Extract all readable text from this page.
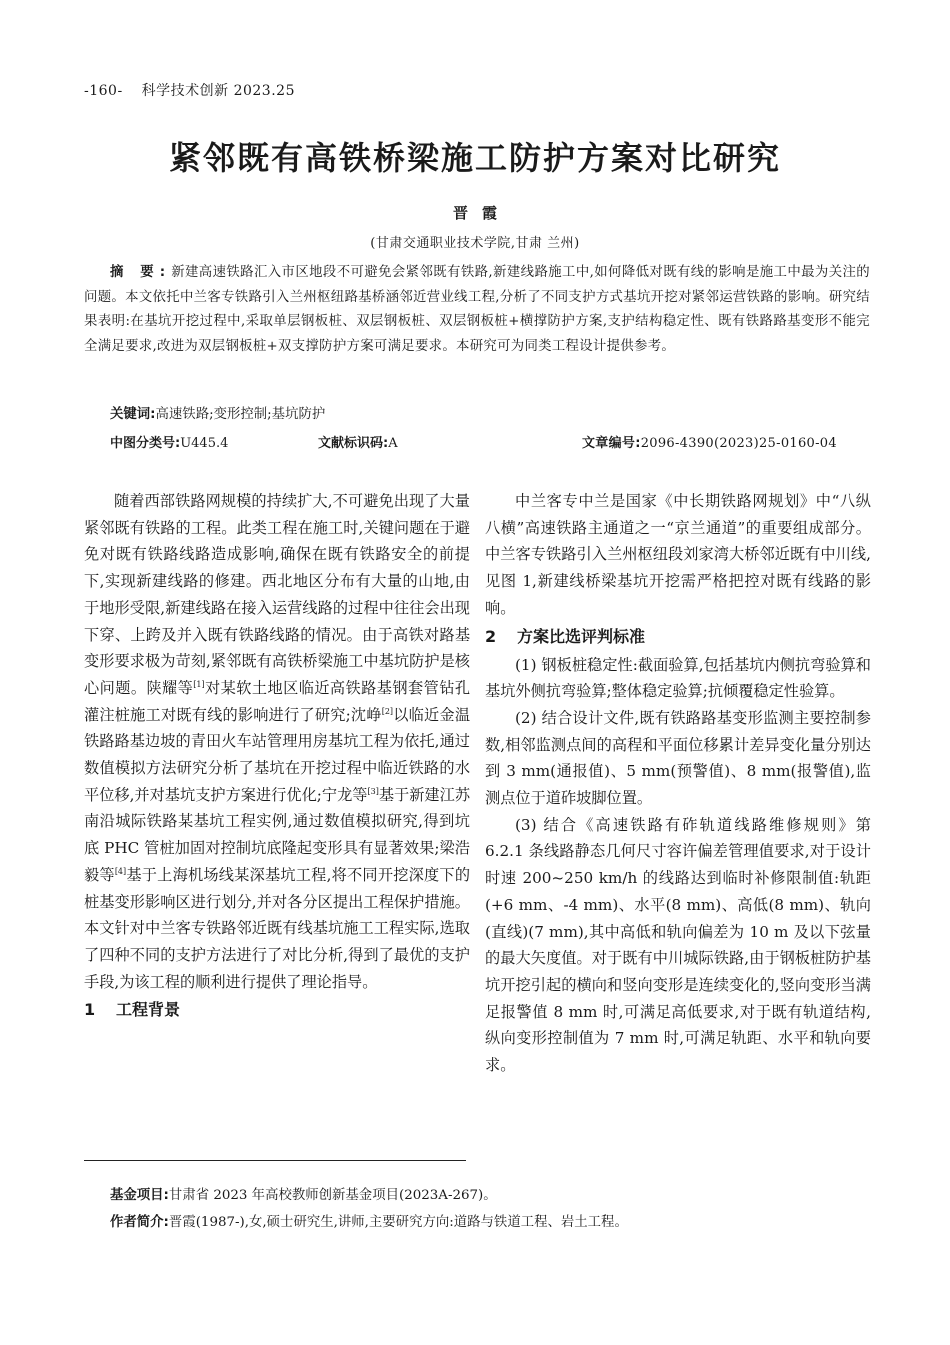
-160- 科学技术创新 2023.25
紧邻既有高铁桥梁施工防护方案对比研究
晋霞
(甘肃交通职业技术学院,甘肃 兰州)
摘 要:新建高速铁路汇入市区地段不可避免会紧邻既有铁路,新建线路施工中,如何降低对既有线的影响是施工中最为关注的问题。本文依托中兰客专铁路引入兰州枢纽路基桥涵邻近营业线工程,分析了不同支护方式基坑开挖对紧邻运营铁路的影响。研究结果表明:在基坑开挖过程中,采取单层钢板桩、双层钢板桩、双层钢板桩+横撑防护方案,支护结构稳定性、既有铁路路基变形不能完全满足要求,改进为双层钢板桩+双支撑防护方案可满足要求。本研究可为同类工程设计提供参考。
关键词:高速铁路;变形控制;基坑防护
中图分类号:U445.4	文献标识码:A	文章编号:2096-4390(2023)25-0160-04

随着西部铁路网规模的持续扩大,不可避免出现了大量紧邻既有铁路的工程。此类工程在施工时,关键问题在于避免对既有铁路线路造成影响,确保在既有铁路安全的前提下,实现新建线路的修建。西北地区分布有大量的山地,由于地形受限,新建线路在接入运营线路的过程中往往会出现下穿、上跨及并入既有铁路线路的情况。由于高铁对路基变形要求极为苛刻,紧邻既有高铁桥梁施工中基坑防护是核心问题。陕耀等[1]对某软土地区临近高铁路基钢套管钻孔灌注桩施工对既有线的影响进行了研究;沈峥[2]以临近金温铁路路基边坡的青田火车站管理用房基坑工程为依托,通过数值模拟方法研究分析了基坑在开挖过程中临近铁路的水平位移,并对基坑支护方案进行优化;宁龙等[3]基于新建江苏南沿城际铁路某基坑工程实例,通过数值模拟研究,得到坑底 PHC 管桩加固对控制坑底隆起变形具有显著效果;梁浩毅等[4]基于上海机场线某深基坑工程,将不同开挖深度下的桩基变形影响区进行划分,并对各分区提出工程保护措施。本文针对中兰客专铁路邻近既有线基坑施工工程实际,选取了四种不同的支护方法进行了对比分析,得到了最优的支护手段,为该工程的顺利进行提供了理论指导。

1 工程背景

中兰客专中兰是国家《中长期铁路网规划》中“八纵八横”高速铁路主通道之一“京兰通道”的重要组成部分。中兰客专铁路引入兰州枢纽段刘家湾大桥邻近既有中川线,见图 1,新建线桥梁基坑开挖需严格把控对既有线路的影响。

2 方案比选评判标准

(1) 钢板桩稳定性:截面验算,包括基坑内侧抗弯验算和基坑外侧抗弯验算;整体稳定验算;抗倾覆稳定性验算。

(2) 结合设计文件,既有铁路路基变形监测主要控制参数,相邻监测点间的高程和平面位移累计差异变化量分别达到 3 mm(通报值)、5 mm(预警值)、8 mm(报警值),监测点位于道砟坡脚位置。

(3) 结合《高速铁路有砟轨道线路维修规则》第 6.2.1 条线路静态几何尺寸容许偏差管理值要求,对于设计时速 200~250 km/h 的线路达到临时补修限制值:轨距(+6 mm、-4 mm)、水平(8 mm)、高低(8 mm)、轨向(直线)(7 mm),其中高低和轨向偏差为 10 m 及以下弦量的最大矢度值。对于既有中川城际铁路,由于钢板桩防护基坑开挖引起的横向和竖向变形是连续变化的,竖向变形当满足报警值 8 mm 时,可满足高低要求,对于既有轨道结构,纵向变形控制值为 7 mm 时,可满足轨距、水平和轨向要求。

基金项目:甘肃省 2023 年高校教师创新基金项目(2023A-267)。
作者简介:晋霞(1987-),女,硕士研究生,讲师,主要研究方向:道路与铁道工程、岩土工程。
